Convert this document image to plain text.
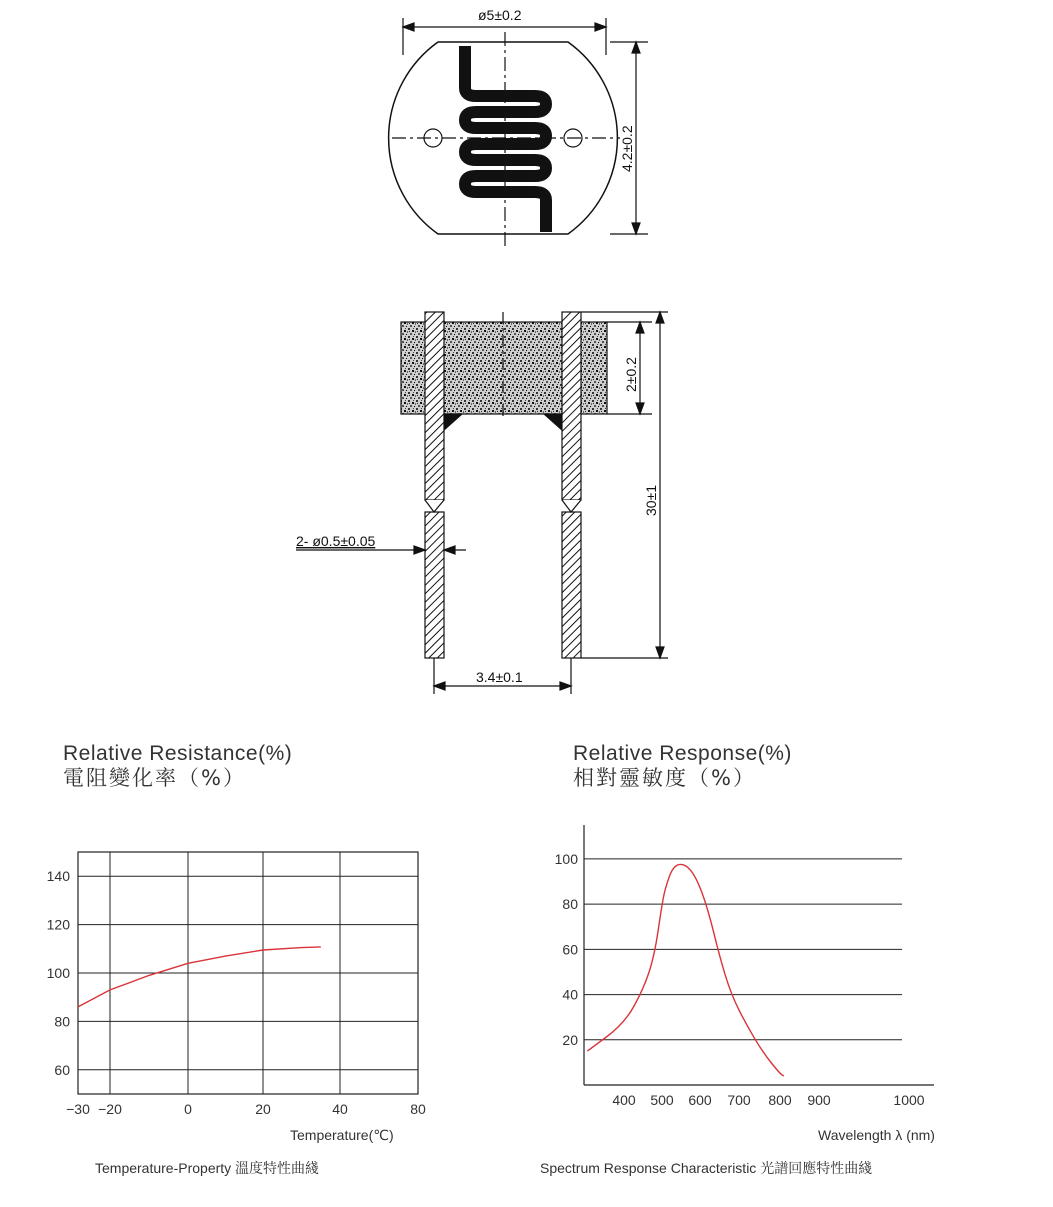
ø5±0.2
4.2±0.2
2±0.2
30±1
2- ø0.5±0.05
3.4±0.1
Relative Resistance(%)
電阻變化率（%）
−30 −20	0	20	40	80
60
80
100
120
140
Temperature(℃)
Temperature-Property 溫度特性曲綫
Relative Response(%)
相對靈敏度（%）
20
40
60
80
100
400 500 600 700 800 900	1000
Wavelength λ (nm)
Spectrum Response Characteristic 光譜回應特性曲綫
